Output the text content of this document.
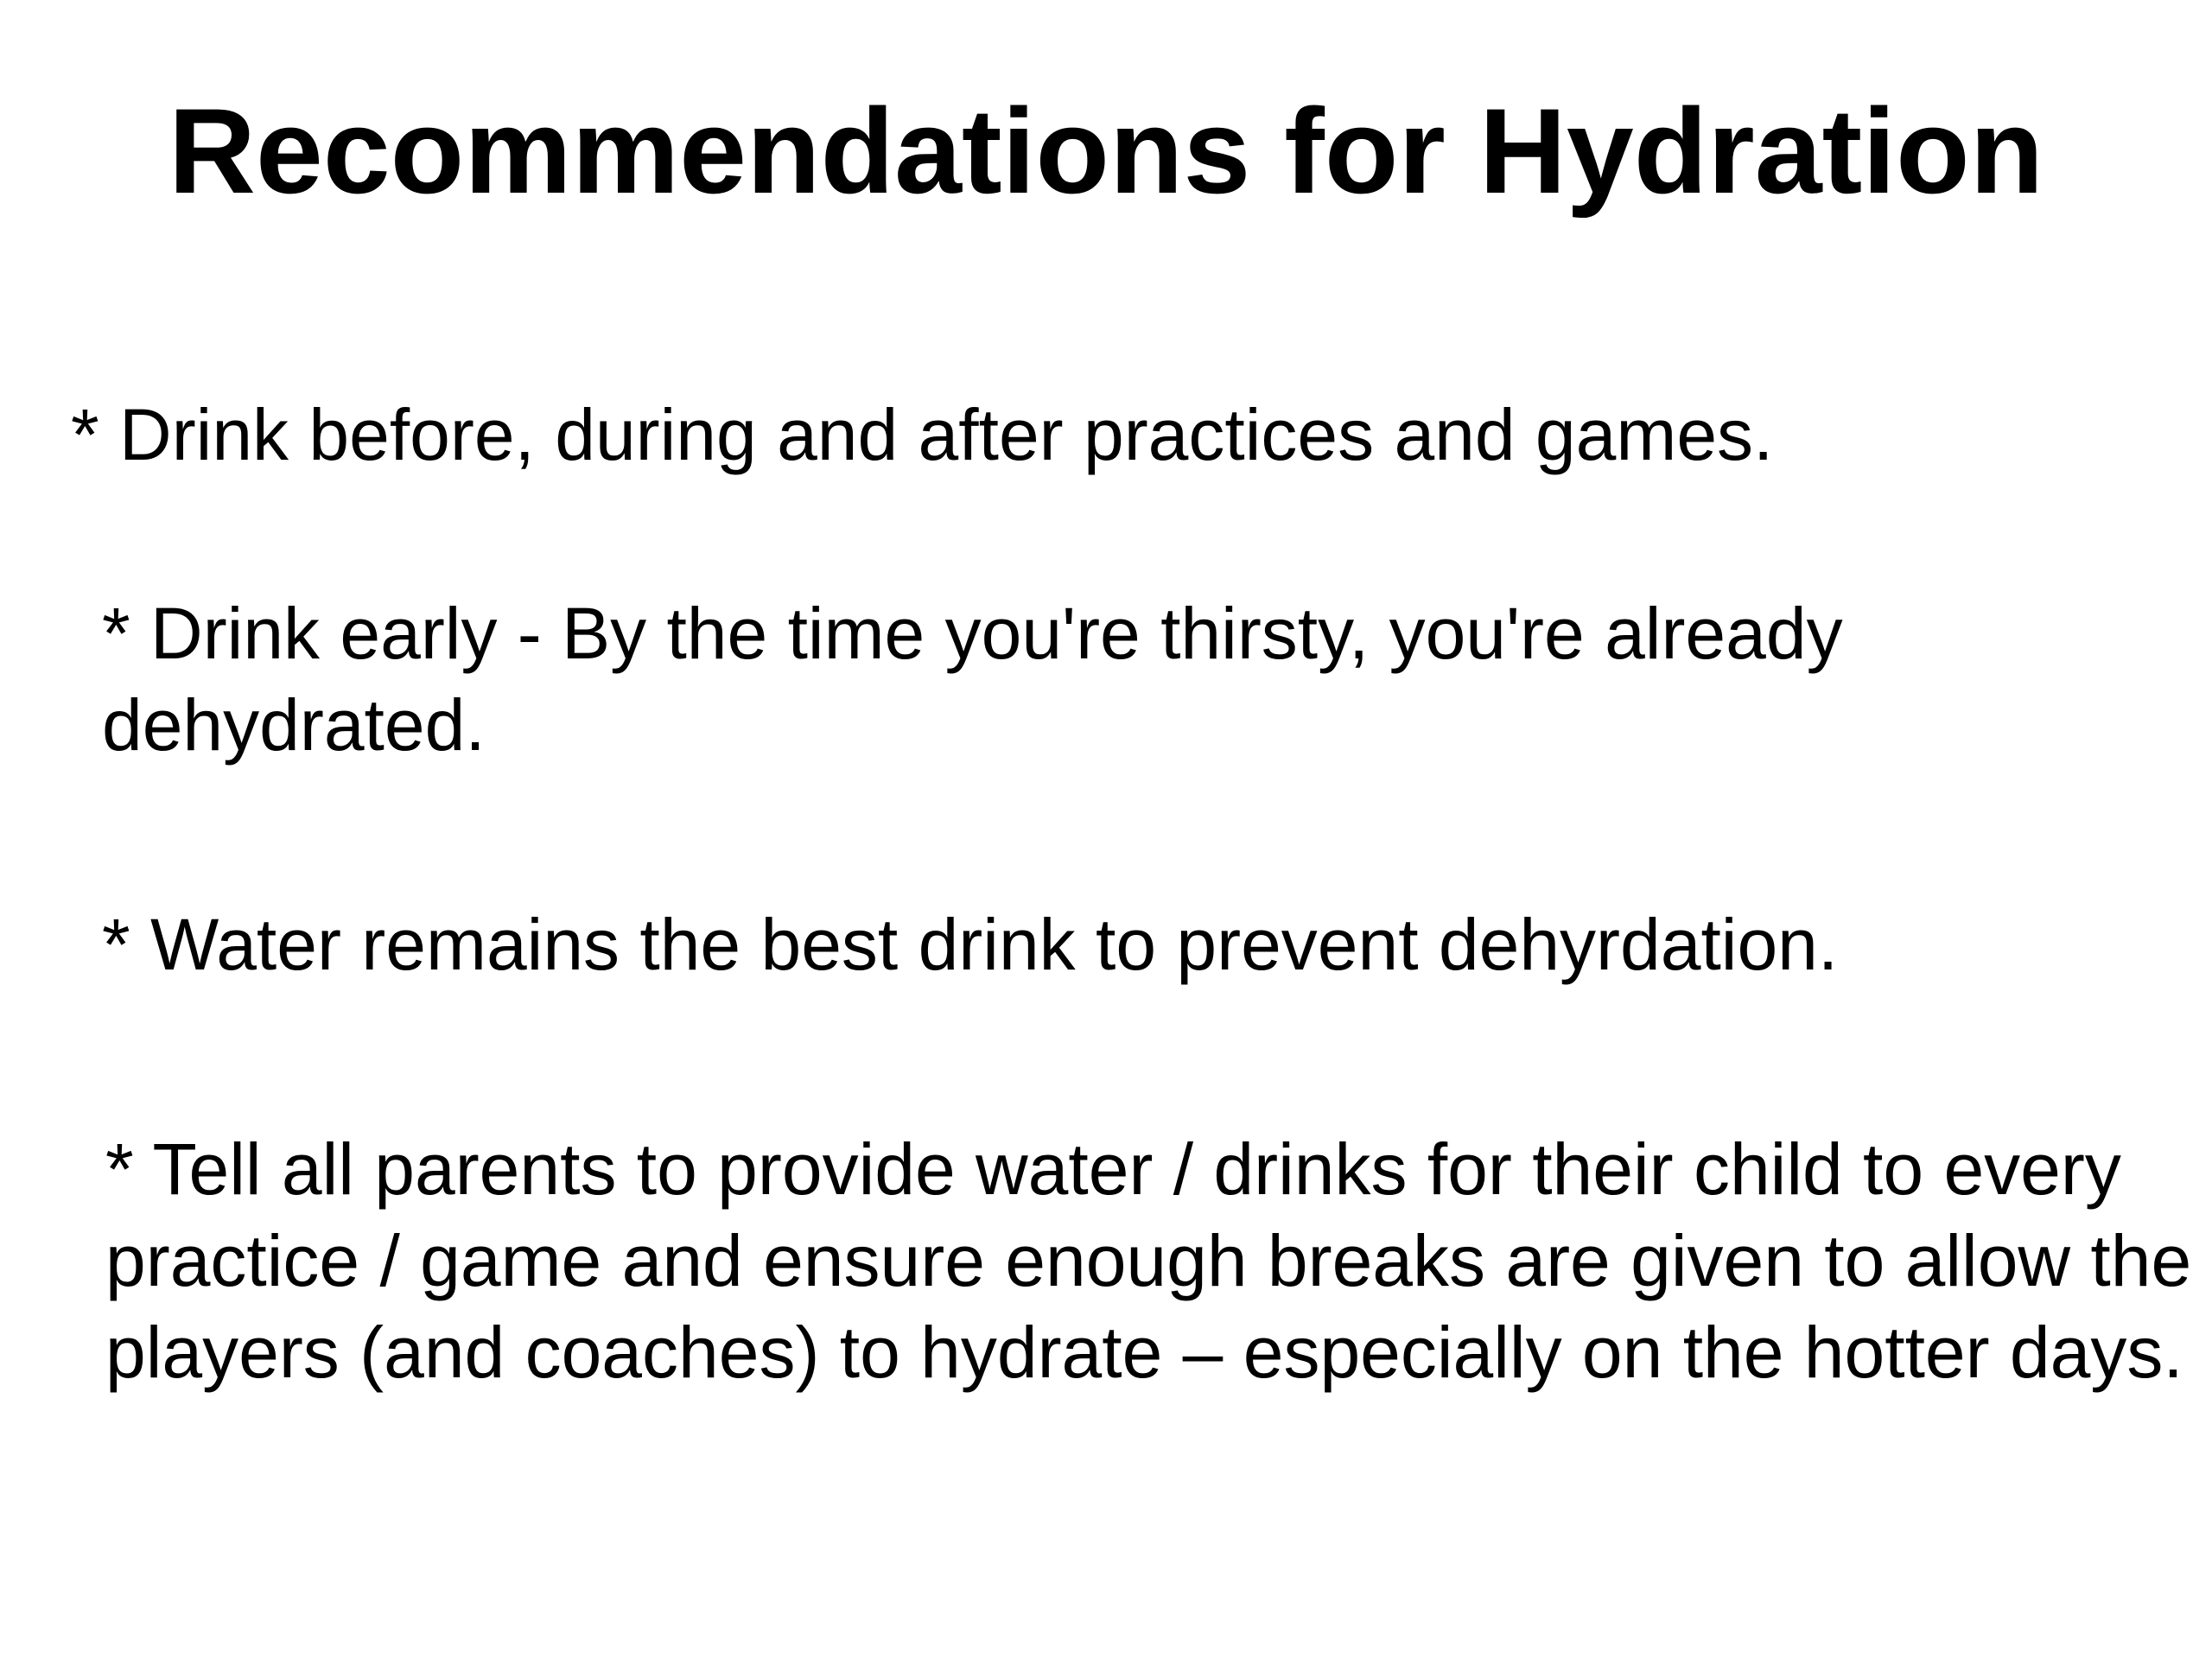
Recommendations for Hydration
* Drink before, during and after practices and games.
* Drink early - By the time you're thirsty, you're already dehydrated.
* Water remains the best drink to prevent dehyrdation.
* Tell all parents to provide water / drinks for their child to every practice / game and ensure enough breaks are given to allow the players (and coaches) to hydrate – especially on the hotter days.
